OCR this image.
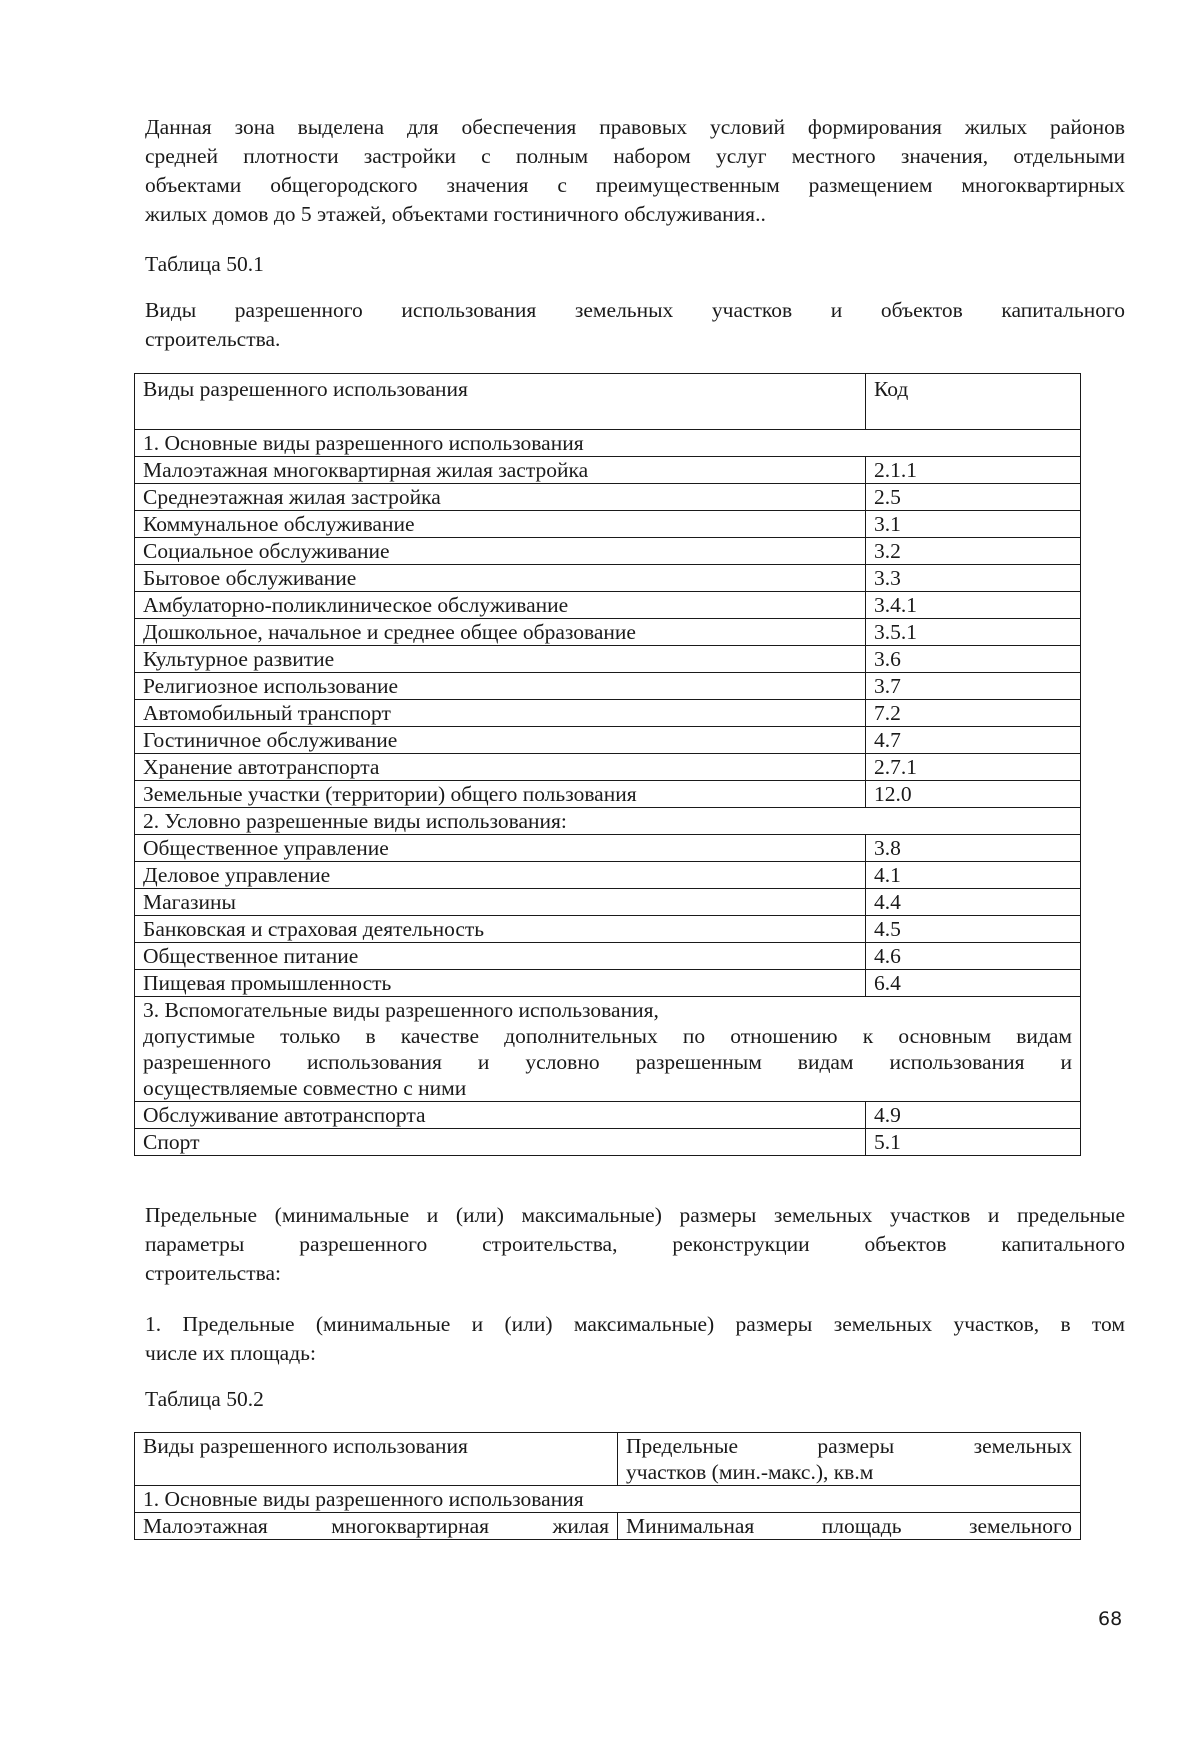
Данная зона выделена для обеспечения правовых условий формирования жилых районов
средней плотности застройки с полным набором услуг местного значения, отдельными
объектами общегородского значения с преимущественным размещением многоквартирных
жилых домов до 5 этажей, объектами гостиничного обслуживания..

Таблица 50.1

Виды разрешенного использования земельных участков и объектов капитального
строительства.
Виды разрешенного использования	Код
1. Основные виды разрешенного использования	
Малоэтажная многоквартирная жилая застройка	2.1.1
Среднеэтажная жилая застройка	2.5
Коммунальное обслуживание	3.1
Социальное обслуживание	3.2
Бытовое обслуживание	3.3
Амбулаторно-поликлиническое обслуживание	3.4.1
Дошкольное, начальное и среднее общее образование	3.5.1
Культурное развитие	3.6
Религиозное использование	3.7
Автомобильный транспорт	7.2
Гостиничное обслуживание	4.7
Хранение автотранспорта	2.7.1
Земельные участки (территории) общего пользования	12.0
2. Условно разрешенные виды использования:	
Общественное управление	3.8
Деловое управление	4.1
Магазины	4.4
Банковская и страховая деятельность	4.5
Общественное питание	4.6
Пищевая промышленность	6.4

3. Вспомогательные виды разрешенного использования,
допустимые только в качестве дополнительных по отношению к основным видам
разрешенного использования и условно разрешенным видам использования и
осуществляемые совместно с ними	

Обслуживание автотранспорта	4.9
Спорт	5.1
Предельные (минимальные и (или) максимальные) размеры земельных участков и предельные
параметры разрешенного строительства, реконструкции объектов капитального
строительства:
1. Предельные (минимальные и (или) максимальные) размеры земельных участков, в том
числе их площадь:

Таблица 50.2

Виды разрешенного использования	Предельные размеры земельных
участков (мин.-макс.), кв.м

1. Основные виды разрешенного использования	

Малоэтажная многоквартирная жилая	Минимальная площадь земельного
68
